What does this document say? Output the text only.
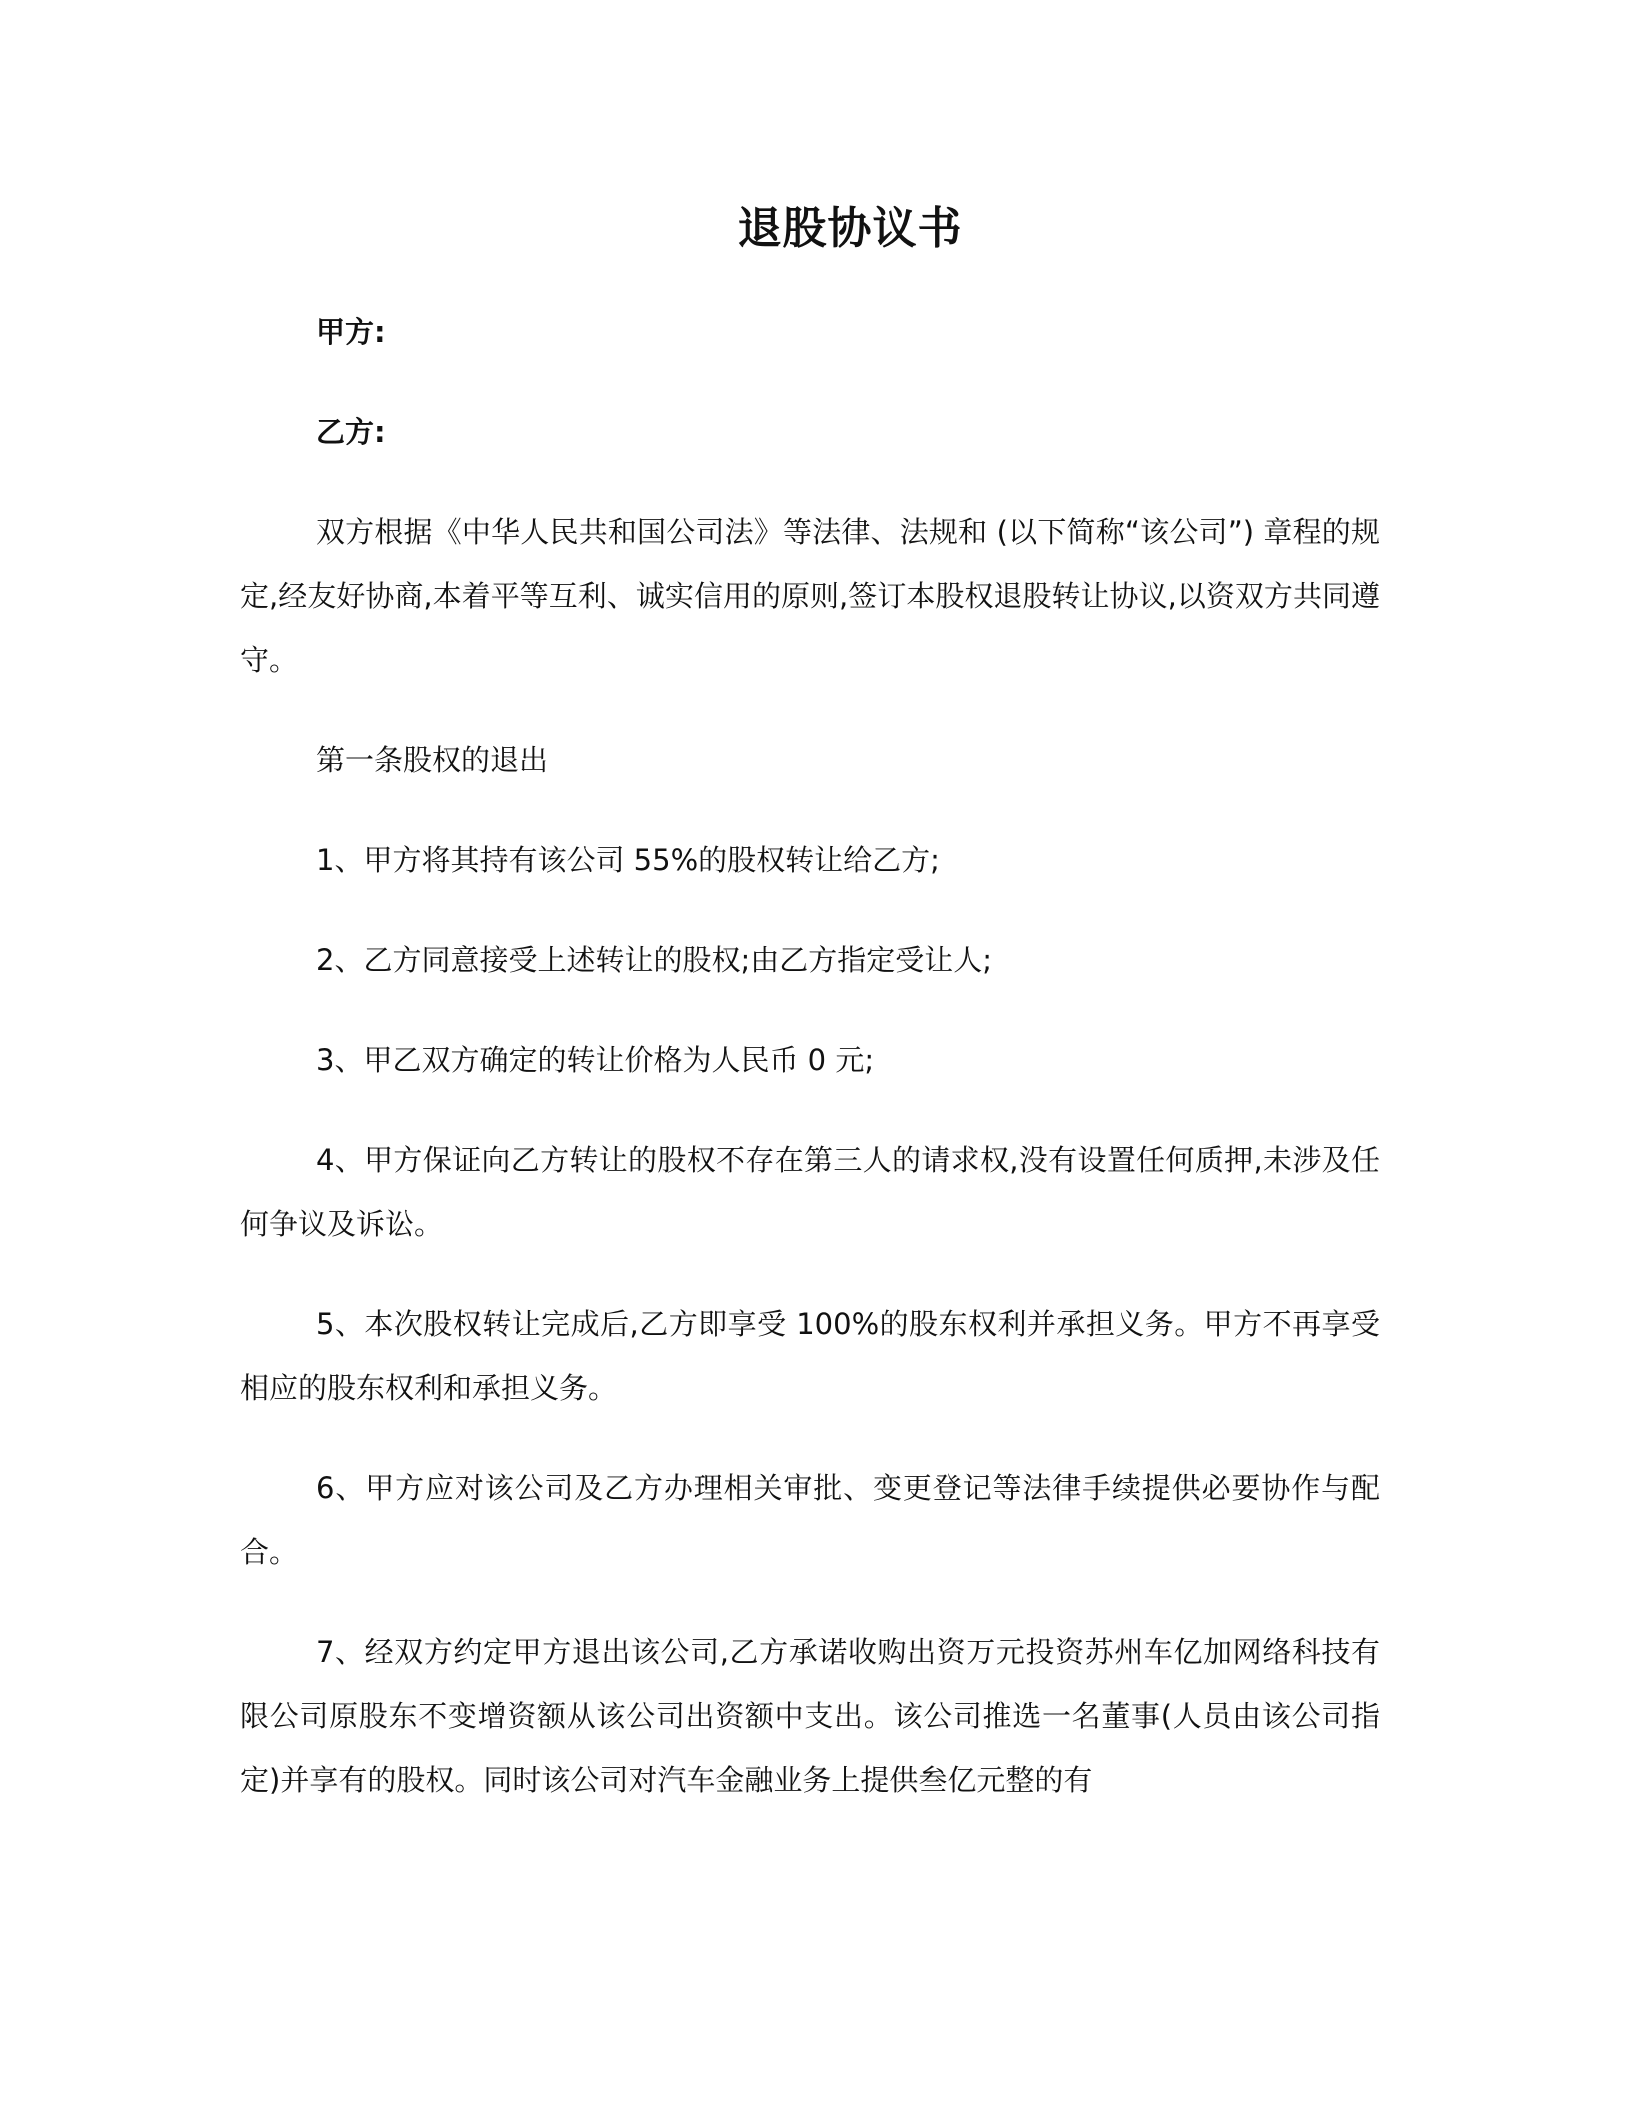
退股协议书

甲方:

乙方:

双方根据《中华人民共和国公司法》等法律、法规和 (以下简称“该公司”) 章程的规定,经友好协商,本着平等互利、诚实信用的原则,签订本股权退股转让协议,以资双方共同遵守。

第一条股权的退出

1、甲方将其持有该公司 55%的股权转让给乙方;

2、乙方同意接受上述转让的股权;由乙方指定受让人;

3、甲乙双方确定的转让价格为人民币 0 元;

4、甲方保证向乙方转让的股权不存在第三人的请求权,没有设置任何质押,未涉及任何争议及诉讼。

5、本次股权转让完成后,乙方即享受 100%的股东权利并承担义务。甲方不再享受相应的股东权利和承担义务。

6、甲方应对该公司及乙方办理相关审批、变更登记等法律手续提供必要协作与配合。

7、经双方约定甲方退出该公司,乙方承诺收购出资万元投资苏州车亿加网络科技有限公司原股东不变增资额从该公司出资额中支出。该公司推选一名董事(人员由该公司指定)并享有的股权。同时该公司对汽车金融业务上提供叁亿元整的有
